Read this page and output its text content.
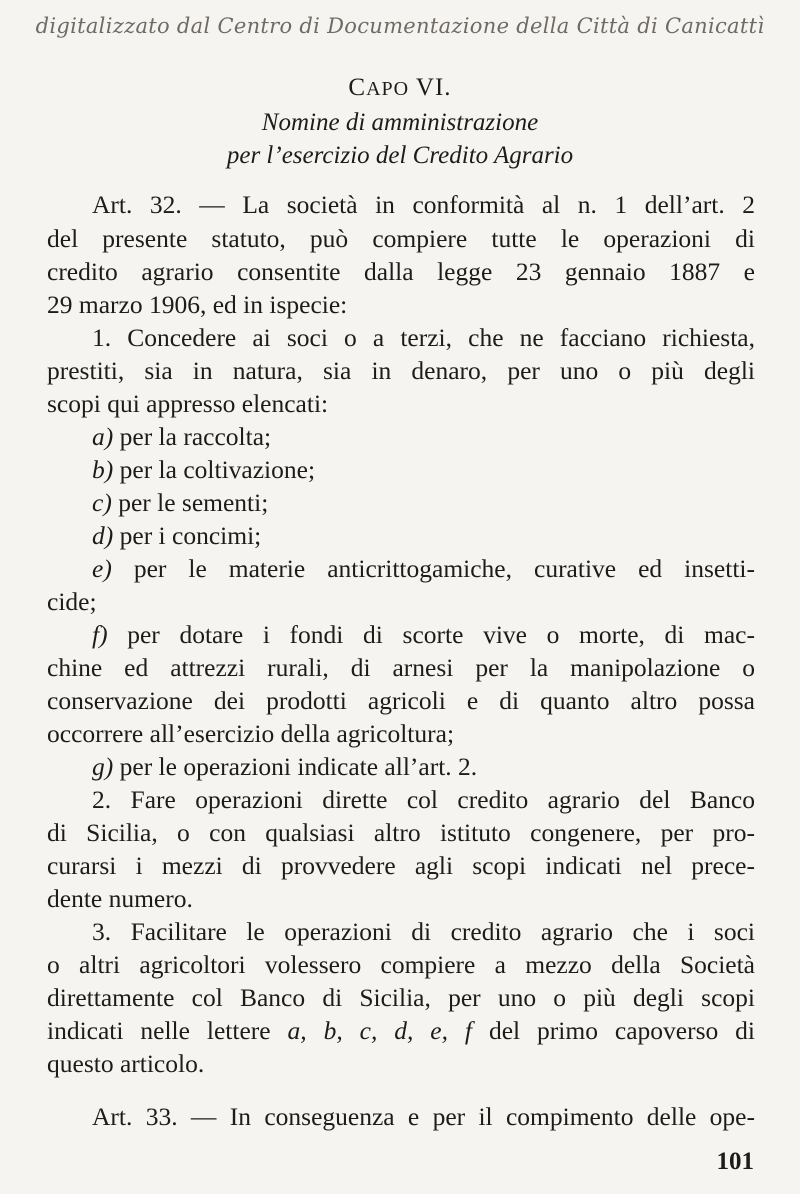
digitalizzato dal Centro di Documentazione della Città di Canicattì
CAPO VI.
Nomine di amministrazione
per l’esercizio del Credito Agrario
Art. 32. — La società in conformità al n. 1 dell’art. 2
del presente statuto, può compiere tutte le operazioni di
credito agrario consentite dalla legge 23 gennaio 1887 e
29 marzo 1906, ed in ispecie:
1. Concedere ai soci o a terzi, che ne facciano richiesta,
prestiti, sia in natura, sia in denaro, per uno o più degli
scopi qui appresso elencati:
a) per la raccolta;
b) per la coltivazione;
c) per le sementi;
d) per i concimi;
e) per le materie anticrittogamiche, curative ed insetti-
cide;
f) per dotare i fondi di scorte vive o morte, di mac-
chine ed attrezzi rurali, di arnesi per la manipolazione o
conservazione dei prodotti agricoli e di quanto altro possa
occorrere all’esercizio della agricoltura;
g) per le operazioni indicate all’art. 2.
2. Fare operazioni dirette col credito agrario del Banco
di Sicilia, o con qualsiasi altro istituto congenere, per pro-
curarsi i mezzi di provvedere agli scopi indicati nel prece-
dente numero.
3. Facilitare le operazioni di credito agrario che i soci
o altri agricoltori volessero compiere a mezzo della Società
direttamente col Banco di Sicilia, per uno o più degli scopi
indicati nelle lettere a, b, c, d, e, f del primo capoverso di
questo articolo.
Art. 33. — In conseguenza e per il compimento delle ope-
101
